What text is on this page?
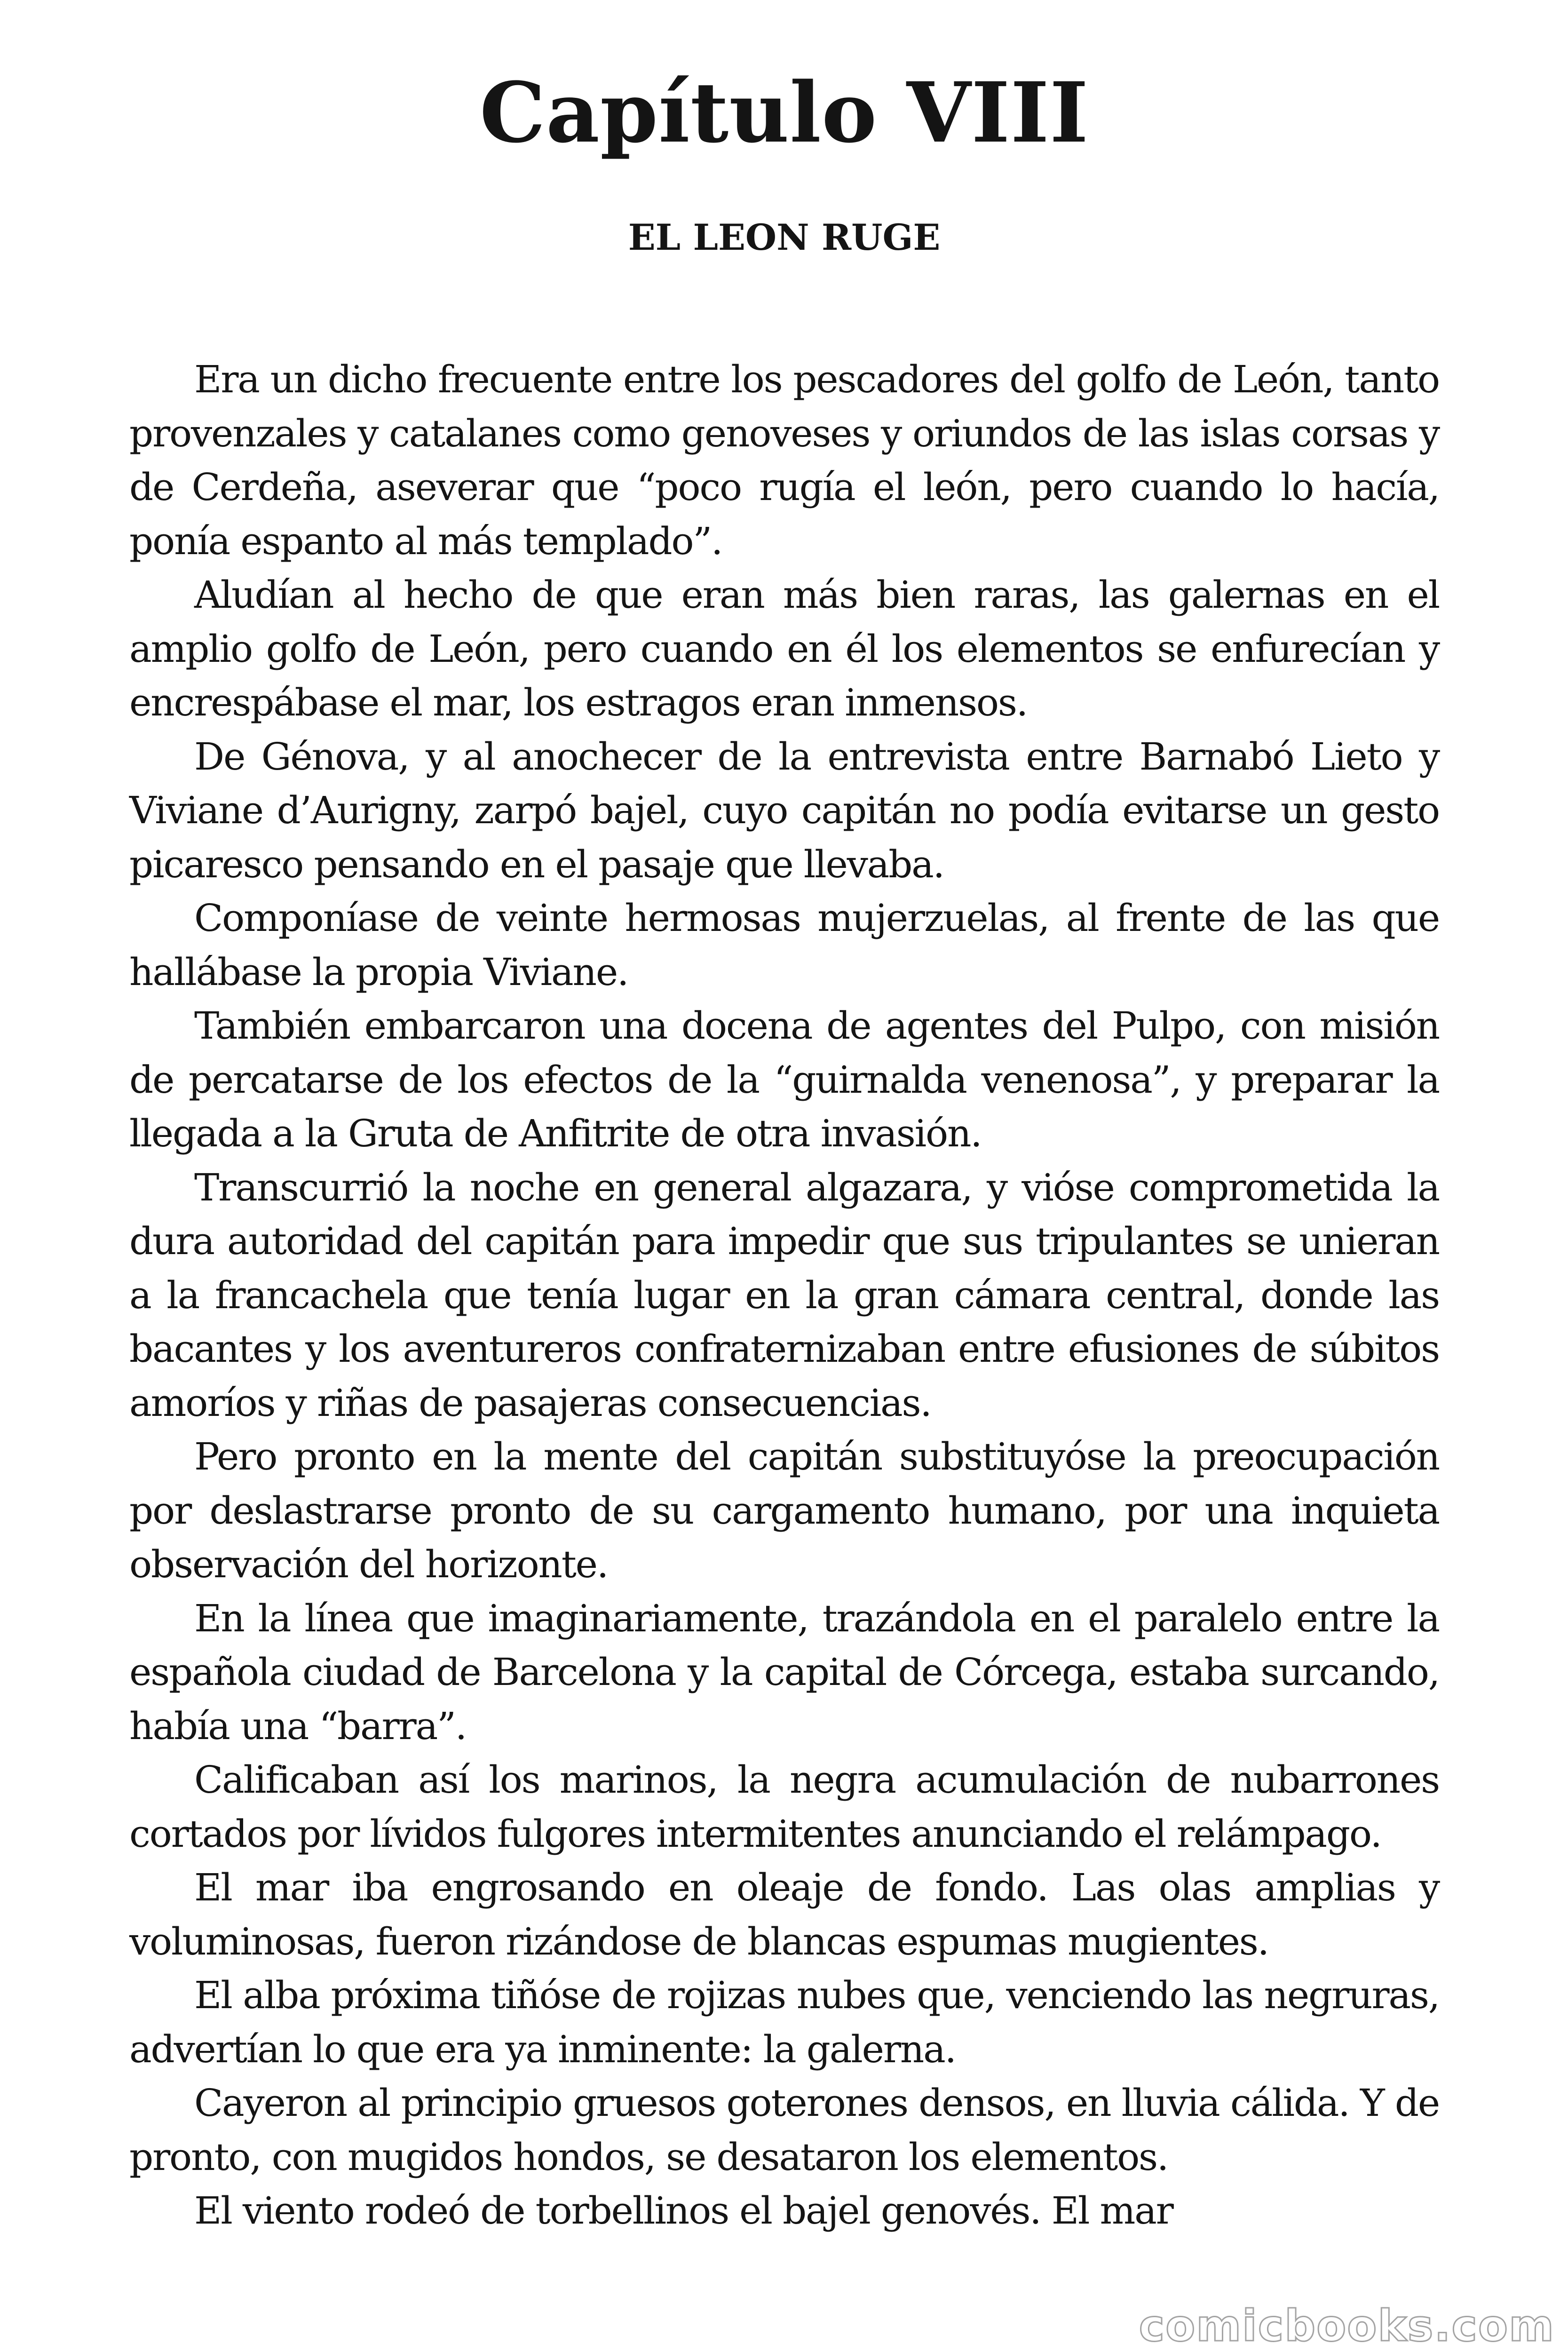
Capítulo VIII
EL LEON RUGE

Era un dicho frecuente entre los pescadores del golfo de León, tanto provenzales y catalanes como genoveses y oriundos de las islas corsas y de Cerdeña, aseverar que “poco rugía el león, pero cuando lo hacía, ponía espanto al más templado”.

Aludían al hecho de que eran más bien raras, las galernas en el amplio golfo de León, pero cuando en él los elementos se enfurecían y encrespábase el mar, los estragos eran inmensos.

De Génova, y al anochecer de la entrevista entre Barnabó Lieto y Viviane d’Aurigny, zarpó bajel, cuyo capitán no podía evitarse un gesto picaresco pensando en el pasaje que llevaba.

Componíase de veinte hermosas mujerzuelas, al frente de las que hallábase la propia Viviane.

También embarcaron una docena de agentes del Pulpo, con misión de percatarse de los efectos de la “guirnalda venenosa”, y preparar la llegada a la Gruta de Anfitrite de otra invasión.

Transcurrió la noche en general algazara, y vióse comprometida la dura autoridad del capitán para impedir que sus tripulantes se unieran a la francachela que tenía lugar en la gran cámara central, donde las bacantes y los aventureros confraternizaban entre efusiones de súbitos amoríos y riñas de pasajeras consecuencias.

Pero pronto en la mente del capitán substituyóse la preocupación por deslastrarse pronto de su cargamento humano, por una inquieta observación del horizonte.

En la línea que imaginariamente, trazándola en el paralelo entre la española ciudad de Barcelona y la capital de Córcega, estaba surcando, había una “barra”.

Calificaban así los marinos, la negra acumulación de nubarrones cortados por lívidos fulgores intermitentes anunciando el relámpago.

El mar iba engrosando en oleaje de fondo. Las olas amplias y voluminosas, fueron rizándose de blancas espumas mugientes.

El alba próxima tiñóse de rojizas nubes que, venciendo las negruras, advertían lo que era ya inminente: la galerna.

Cayeron al principio gruesos goterones densos, en lluvia cálida. Y de pronto, con mugidos hondos, se desataron los elementos.

El viento rodeó de torbellinos el bajel genovés. El mar

comicbooks.com
